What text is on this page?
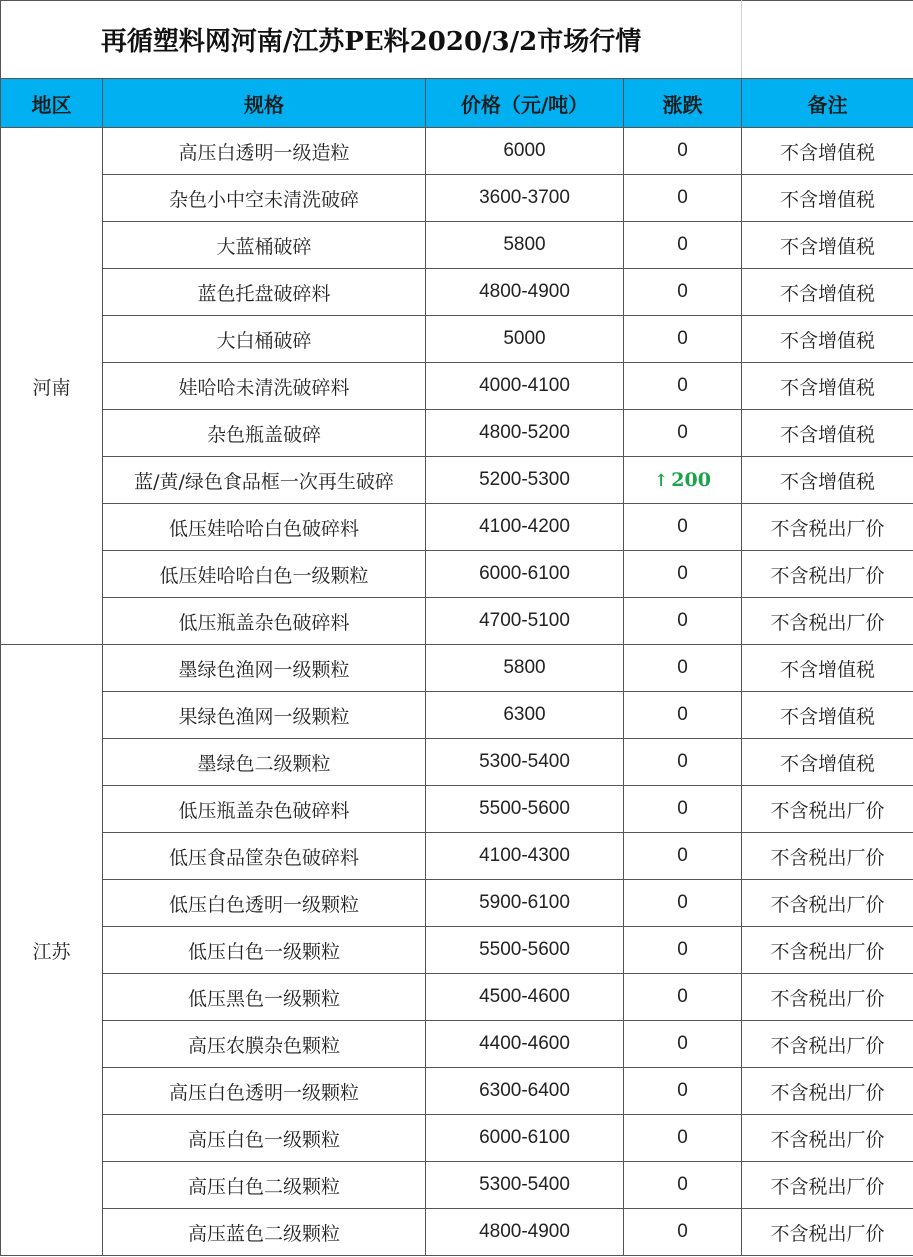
再循塑料网河南/江苏PE料2020/3/2市场行情				
地区	规格	价格（元/吨）	涨跌	备注
河南	高压白透明一级造粒	6000	0	不含增值税
	杂色小中空未清洗破碎	3600-3700	0	不含增值税
	大蓝桶破碎	5800	0	不含增值税
	蓝色托盘破碎料	4800-4900	0	不含增值税
	大白桶破碎	5000	0	不含增值税
	娃哈哈未清洗破碎料	4000-4100	0	不含增值税
	杂色瓶盖破碎	4800-5200	0	不含增值税
	蓝/黄/绿色食品框一次再生破碎	5200-5300	↑ 200	不含增值税
	低压娃哈哈白色破碎料	4100-4200	0	不含税出厂价
	低压娃哈哈白色一级颗粒	6000-6100	0	不含税出厂价
	低压瓶盖杂色破碎料	4700-5100	0	不含税出厂价
江苏	墨绿色渔网一级颗粒	5800	0	不含增值税
	果绿色渔网一级颗粒	6300	0	不含增值税
	墨绿色二级颗粒	5300-5400	0	不含增值税
	低压瓶盖杂色破碎料	5500-5600	0	不含税出厂价
	低压食品筐杂色破碎料	4100-4300	0	不含税出厂价
	低压白色透明一级颗粒	5900-6100	0	不含税出厂价
	低压白色一级颗粒	5500-5600	0	不含税出厂价
	低压黑色一级颗粒	4500-4600	0	不含税出厂价
	高压农膜杂色颗粒	4400-4600	0	不含税出厂价
	高压白色透明一级颗粒	6300-6400	0	不含税出厂价
	高压白色一级颗粒	6000-6100	0	不含税出厂价
	高压白色二级颗粒	5300-5400	0	不含税出厂价
	高压蓝色二级颗粒	4800-4900	0	不含税出厂价
